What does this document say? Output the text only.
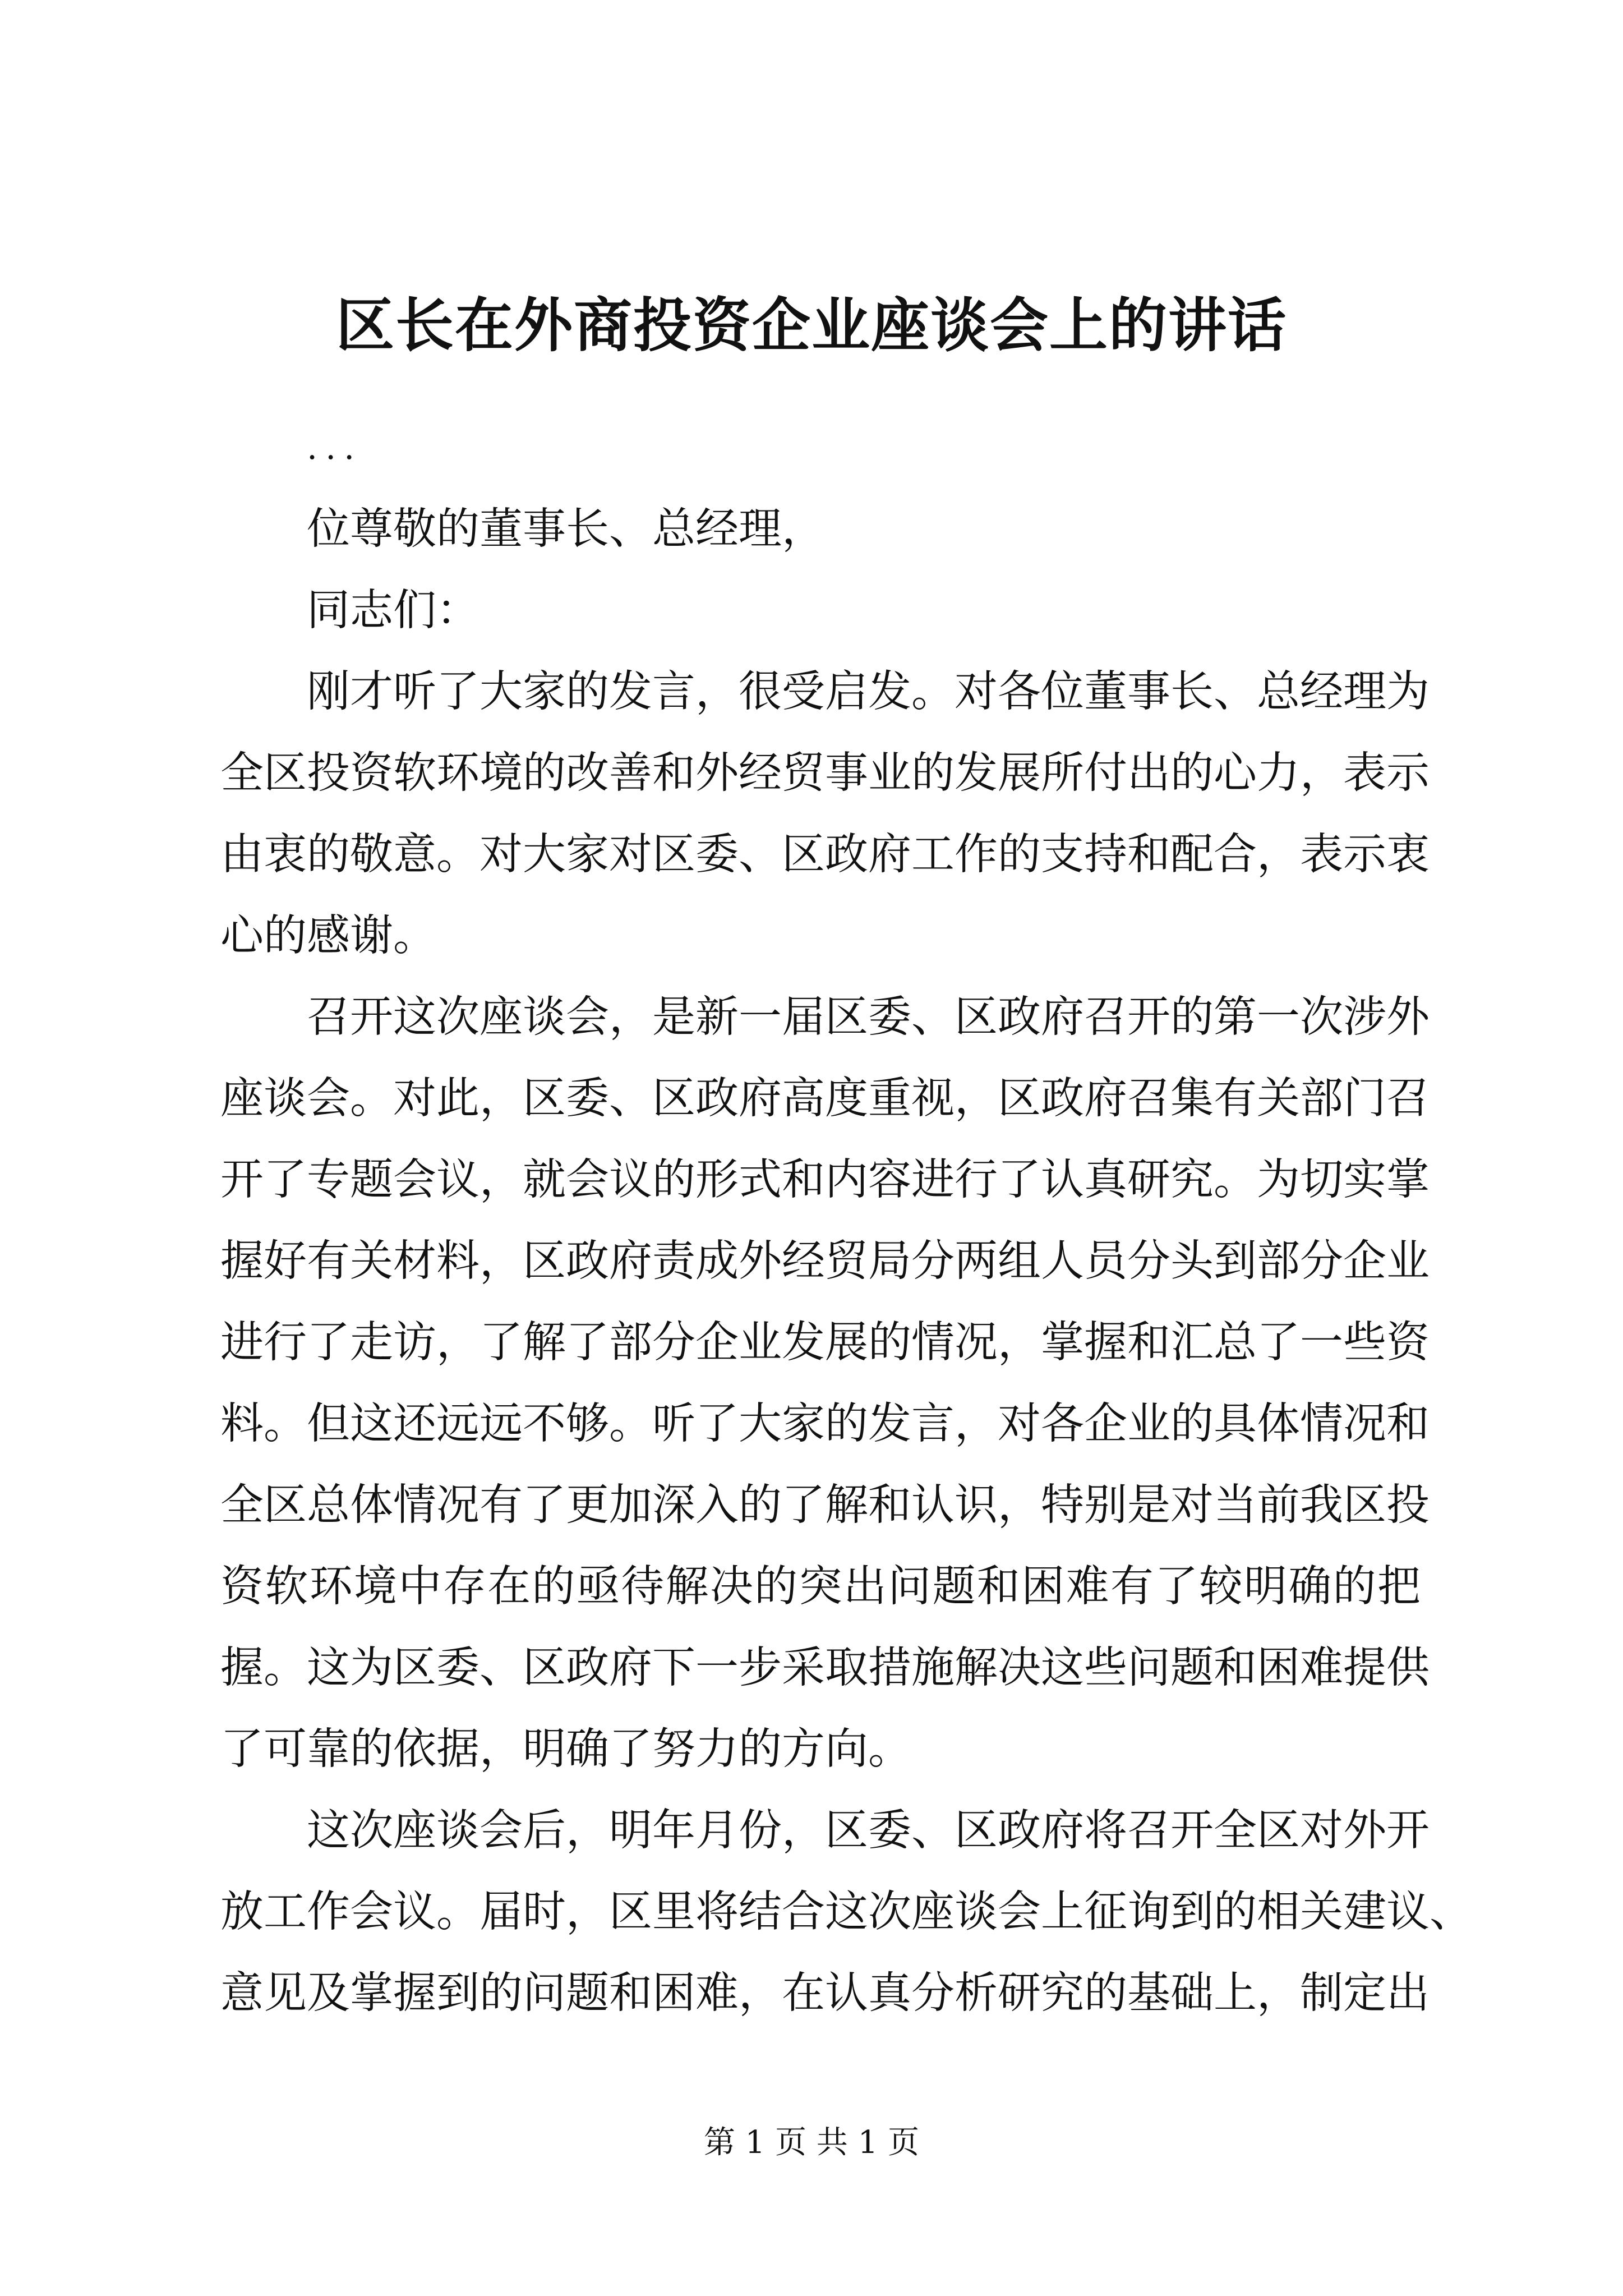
区长在外商投资企业座谈会上的讲话

...

位尊敬的董事长、总经理，

同志们：

刚才听了大家的发言，很受启发。对各位董事长、总经理为

全区投资软环境的改善和外经贸事业的发展所付出的心力，表示

由衷的敬意。对大家对区委、区政府工作的支持和配合，表示衷

心的感谢。

召开这次座谈会，是新一届区委、区政府召开的第一次涉外

座谈会。对此，区委、区政府高度重视，区政府召集有关部门召

开了专题会议，就会议的形式和内容进行了认真研究。为切实掌

握好有关材料，区政府责成外经贸局分两组人员分头到部分企业

进行了走访，了解了部分企业发展的情况，掌握和汇总了一些资

料。但这还远远不够。听了大家的发言，对各企业的具体情况和

全区总体情况有了更加深入的了解和认识，特别是对当前我区投

资软环境中存在的亟待解决的突出问题和困难有了较明确的把

握。这为区委、区政府下一步采取措施解决这些问题和困难提供

了可靠的依据，明确了努力的方向。

这次座谈会后，明年月份，区委、区政府将召开全区对外开

放工作会议。届时，区里将结合这次座谈会上征询到的相关建议、

意见及掌握到的问题和困难，在认真分析研究的基础上，制定出

第 1 页 共 1 页
